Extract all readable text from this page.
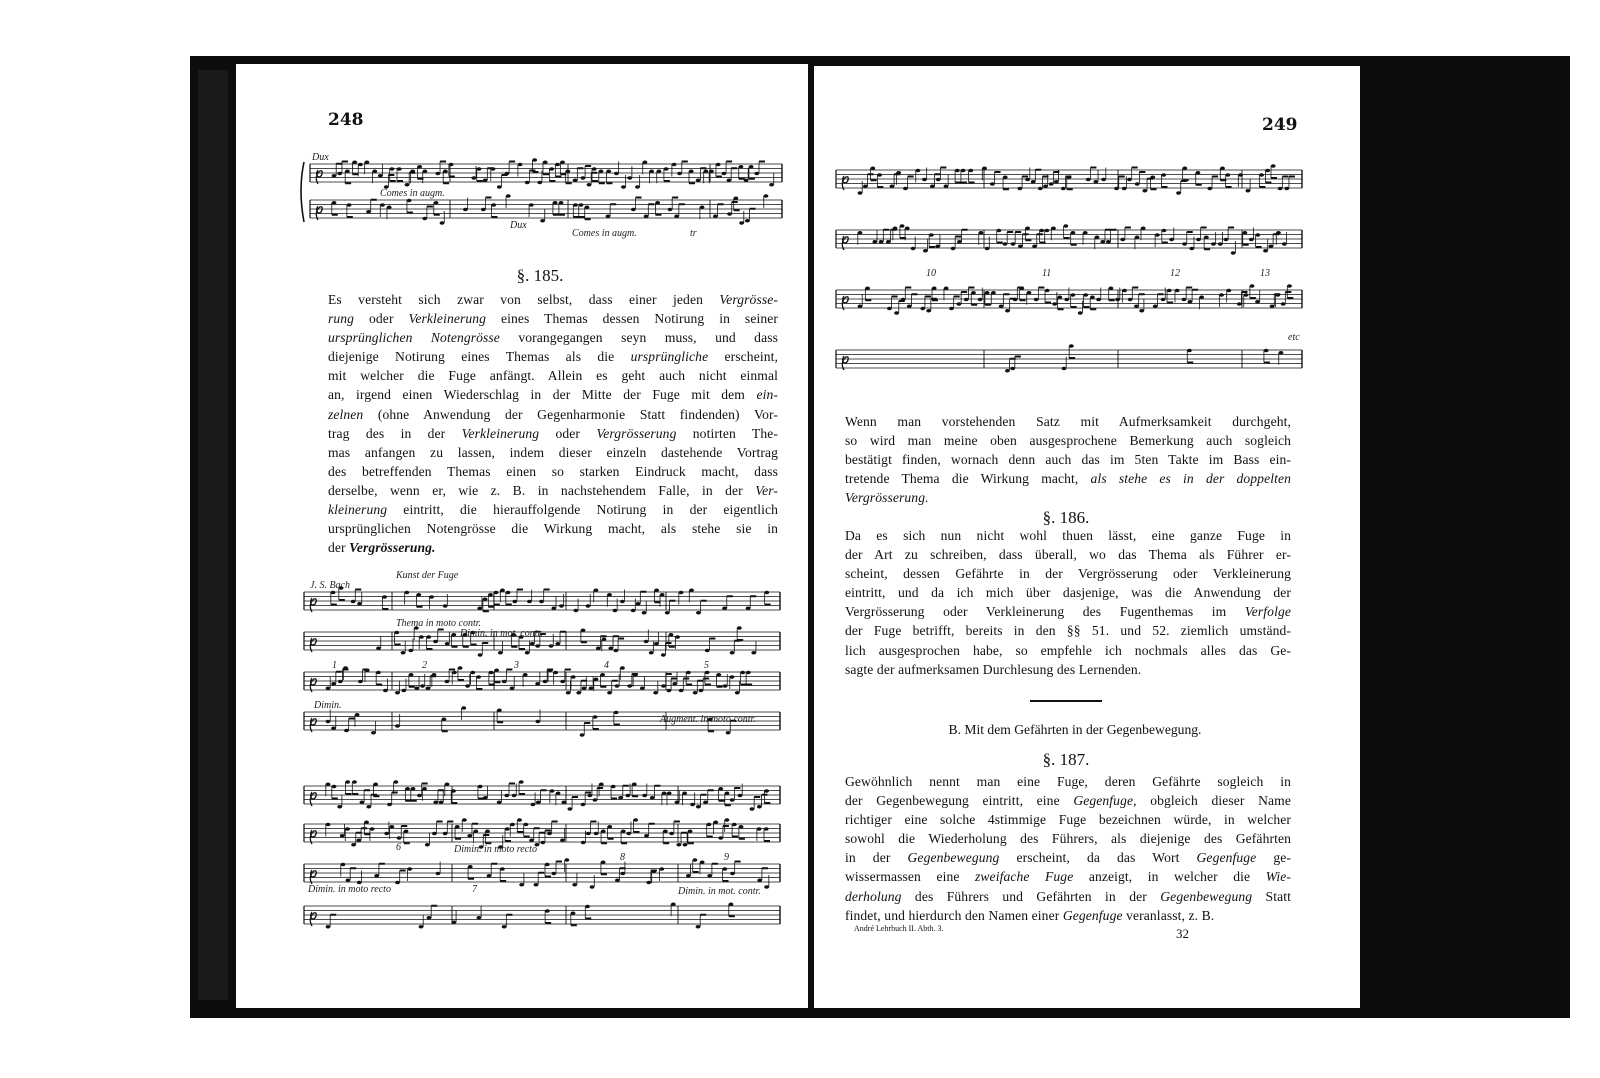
248
Dux
Comes in augm.
Dux
Comes in augm.	tr
§. 185.
Es versteht sich zwar von selbst, dass einer jeden Vergrösse-
rung oder Verkleinerung eines Themas dessen Notirung in seiner
ursprünglichen Notengrösse vorangegangen seyn muss, und dass
diejenige Notirung eines Themas als die ursprüngliche erscheint,
mit welcher die Fuge anfängt. Allein es geht auch nicht einmal
an, irgend einen Wiederschlag in der Mitte der Fuge mit dem ein-
zelnen (ohne Anwendung der Gegenharmonie Statt findenden) Vor-
trag des in der Verkleinerung oder Vergrösserung notirten The-
mas anfangen zu lassen, indem dieser einzeln dastehende Vortrag
des betreffenden Themas einen so starken Eindruck macht, dass
derselbe, wenn er, wie z. B. in nachstehendem Falle, in der Ver-
kleinerung eintritt, die hierauffolgende Notirung in der eigentlich
ursprünglichen Notengrösse die Wirkung macht, als stehe sie in
der Vergrösserung.
J. S. Bach
Kunst der Fuge
Thema in moto contr.
Dimin. in mot. contr.
Dimin.
Augment. in moto contr.
1	2	3	4	5
6	Dimin. in moto recto
Dimin. in moto recto	7
8
Dimin. in mot. contr.
9
249
10	11	12	13
etc
Wenn man vorstehenden Satz mit Aufmerksamkeit durchgeht,
so wird man meine oben ausgesprochene Bemerkung auch sogleich
bestätigt finden, wornach denn auch das im 5ten Takte im Bass ein-
tretende Thema die Wirkung macht, als stehe es in der doppelten
Vergrösserung.
§. 186.
Da es sich nun nicht wohl thuen lässt, eine ganze Fuge in
der Art zu schreiben, dass überall, wo das Thema als Führer er-
scheint, dessen Gefährte in der Vergrösserung oder Verkleinerung
eintritt, und da ich mich über dasjenige, was die Anwendung der
Vergrösserung oder Verkleinerung des Fugenthemas im Verfolge
der Fuge betrifft, bereits in den §§ 51. und 52. ziemlich umständ-
lich ausgesprochen habe, so empfehle ich nochmals alles das Ge-
sagte der aufmerksamen Durchlesung des Lernenden.
B. Mit dem Gefährten in der Gegenbewegung.
§. 187.
Gewöhnlich nennt man eine Fuge, deren Gefährte sogleich in
der Gegenbewegung eintritt, eine Gegenfuge, obgleich dieser Name
richtiger eine solche 4stimmige Fuge bezeichnen würde, in welcher
sowohl die Wiederholung des Führers, als diejenige des Gefährten
in der Gegenbewegung erscheint, da das Wort Gegenfuge ge-
wissermassen eine zweifache Fuge anzeigt, in welcher die Wie-
derholung des Führers und Gefährten in der Gegenbewegung Statt
findet, und hierdurch den Namen einer Gegenfuge veranlasst, z. B.
André Lehrbuch II. Abth. 3.	32
